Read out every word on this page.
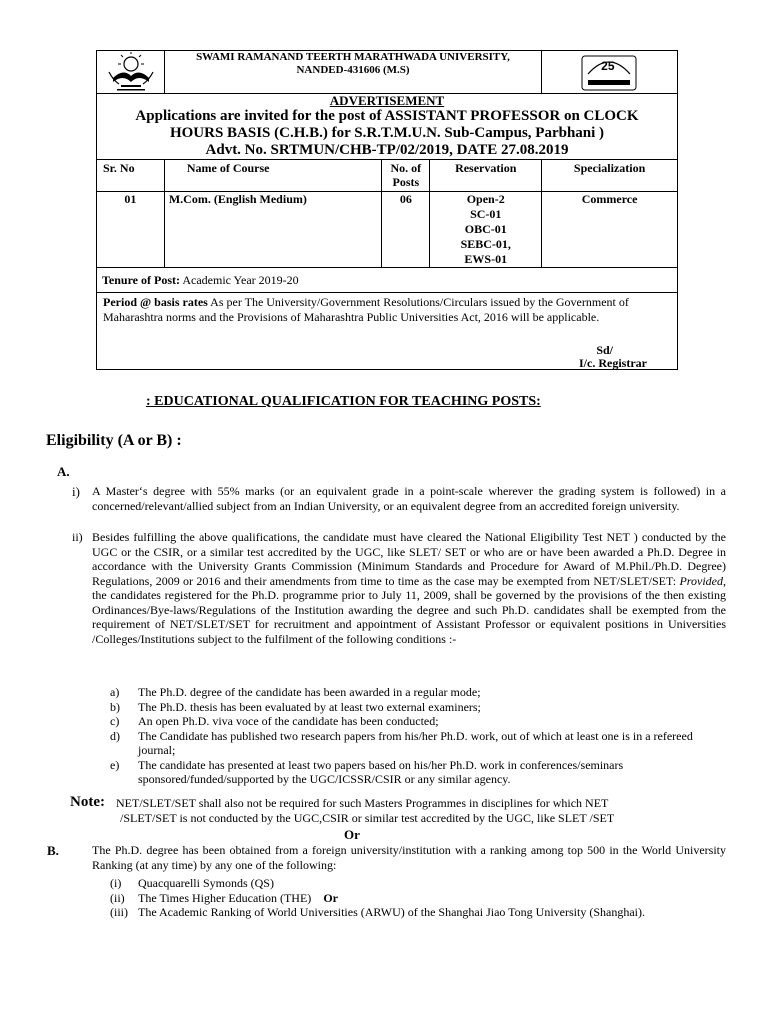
SWAMI RAMANAND TEERTH MARATHWADA UNIVERSITY,
NANDED-431606 (M.S)			25

ADVERTISEMENT
Applications are invited for the post of ASSISTANT PROFESSOR on CLOCK
HOURS BASIS (C.H.B.) for S.R.T.M.U.N. Sub-Campus, Parbhani )
Advt. No. SRTMUN/CHB-TP/02/2019, DATE 27.08.2019				

Sr. No	Name of Course	No. of Posts	Reservation	Specialization
01	M.Com. (English Medium)	06	Open-2
SC-01
OBC-01
SEBC-01,
EWS-01	Commerce
Tenure of Post: Academic Year 2019-20				
Period @ basis rates As per The University/Government Resolutions/Circulars issued by the Government of Maharashtra norms and the Provisions of Maharashtra Public Universities Act, 2016 will be applicable.
Sd/
I/c. Registrar				
: EDUCATIONAL QUALIFICATION FOR TEACHING POSTS:
Eligibility (A or B) :
A.
i) A Master‘s degree with 55% marks (or an equivalent grade in a point-scale wherever the grading system is followed) in a concerned/relevant/allied subject from an Indian University, or an equivalent degree from an accredited foreign university.
ii) Besides fulfilling the above qualifications, the candidate must have cleared the National Eligibility Test NET ) conducted by the UGC or the CSIR, or a similar test accredited by the UGC, like SLET/ SET or who are or have been awarded a Ph.D. Degree in accordance with the University Grants Commission (Minimum Standards and Procedure for Award of M.Phil./Ph.D. Degree) Regulations, 2009 or 2016 and their amendments from time to time as the case may be exempted from NET/SLET/SET: Provided, the candidates registered for the Ph.D. programme prior to July 11, 2009, shall be governed by the provisions of the then existing Ordinances/Bye-laws/Regulations of the Institution awarding the degree and such Ph.D. candidates shall be exempted from the requirement of NET/SLET/SET for recruitment and appointment of Assistant Professor or equivalent positions in Universities /Colleges/Institutions subject to the fulfilment of the following conditions :-
a)	The Ph.D. degree of the candidate has been awarded in a regular mode;
b)	The Ph.D. thesis has been evaluated by at least two external examiners;
c)	An open Ph.D. viva voce of the candidate has been conducted;
d)	The Candidate has published two research papers from his/her Ph.D. work, out of which at least one is in a refereed journal;
e)	The candidate has presented at least two papers based on his/her Ph.D. work in conferences/seminars sponsored/funded/supported by the UGC/ICSSR/CSIR or any similar agency.
Note: NET/SLET/SET shall also not be required for such Masters Programmes in disciplines for which NET
/SLET/SET is not conducted by the UGC,CSIR or similar test accredited by the UGC, like SLET /SET
Or
B.	The Ph.D. degree has been obtained from a foreign university/institution with a ranking among top 500 in the World University Ranking (at any time) by any one of the following:
(i)	Quacquarelli Symonds (QS)
(ii)	The Times Higher Education (THE) Or
(iii) The Academic Ranking of World Universities (ARWU) of the Shanghai Jiao Tong University (Shanghai).
